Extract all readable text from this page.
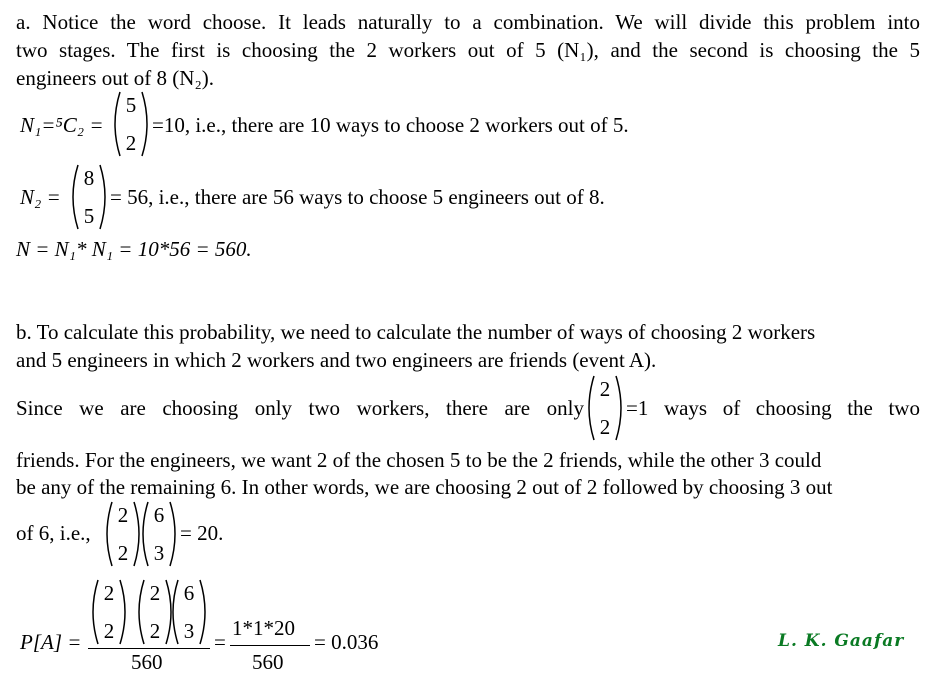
a. Notice the word choose. It leads naturally to a combination. We will divide this problem into
two stages. The first is choosing the 2 workers out of 5 (N₁), and the second is choosing the 5
engineers out of 8 (N₂).
N₁=⁵C₂ =
5
2
=10, i.e., there are 10 ways to choose 2 workers out of 5.
N₂ =
8
5
= 56, i.e., there are 56 ways to choose 5 engineers out of 8.
N = N₁* N₁ = 10*56 = 560.
b. To calculate this probability, we need to calculate the number of ways of choosing 2 workers
and 5 engineers in which 2 workers and two engineers are friends (event A).
Since we are choosing only two workers, there are only
2
2
=1 ways of choosing the two
friends. For the engineers, we want 2 of the chosen 5 to be the 2 friends, while the other 3 could
be any of the remaining 6. In other words, we are choosing 2 out of 2 followed by choosing 3 out
of 6, i.e.,
2
2
6
3
= 20.
P[A] =
2
2
2
2
6
3
560
=
1*1*20
560
= 0.036	L. K. Gaafar
